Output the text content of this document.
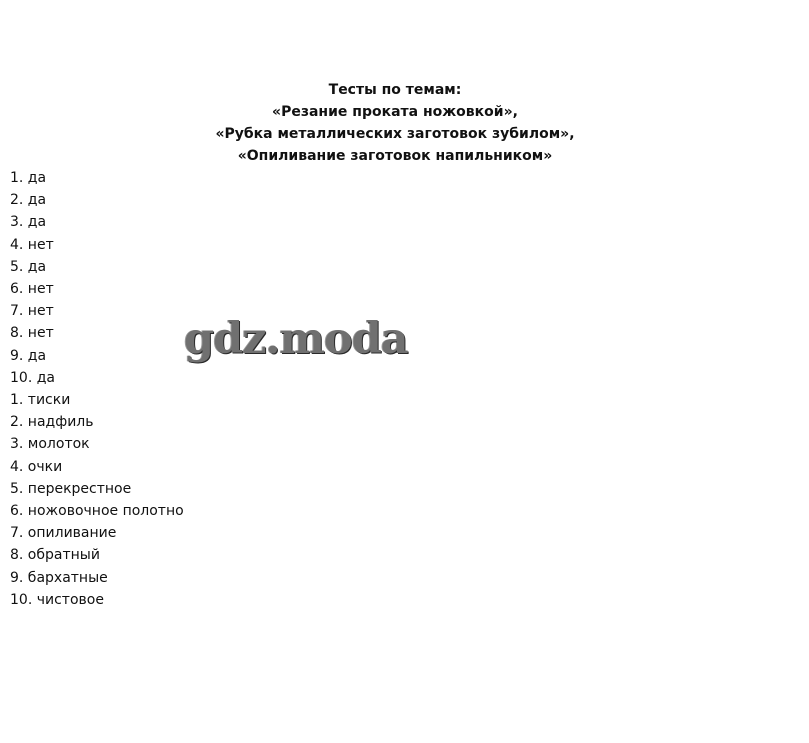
Тесты по темам:
«Резание проката ножовкой»,
«Рубка металлических заготовок зубилом»,
«Опиливание заготовок напильником»
1. да
2. да
3. да
4. нет
5. да
6. нет
7. нет
8. нет
9. да
10. да
1. тиски
2. надфиль
3. молоток
4. очки
5. перекрестное
6. ножовочное полотно
7. опиливание
8. обратный
9. бархатные
10. чистовое
gdz.moda
